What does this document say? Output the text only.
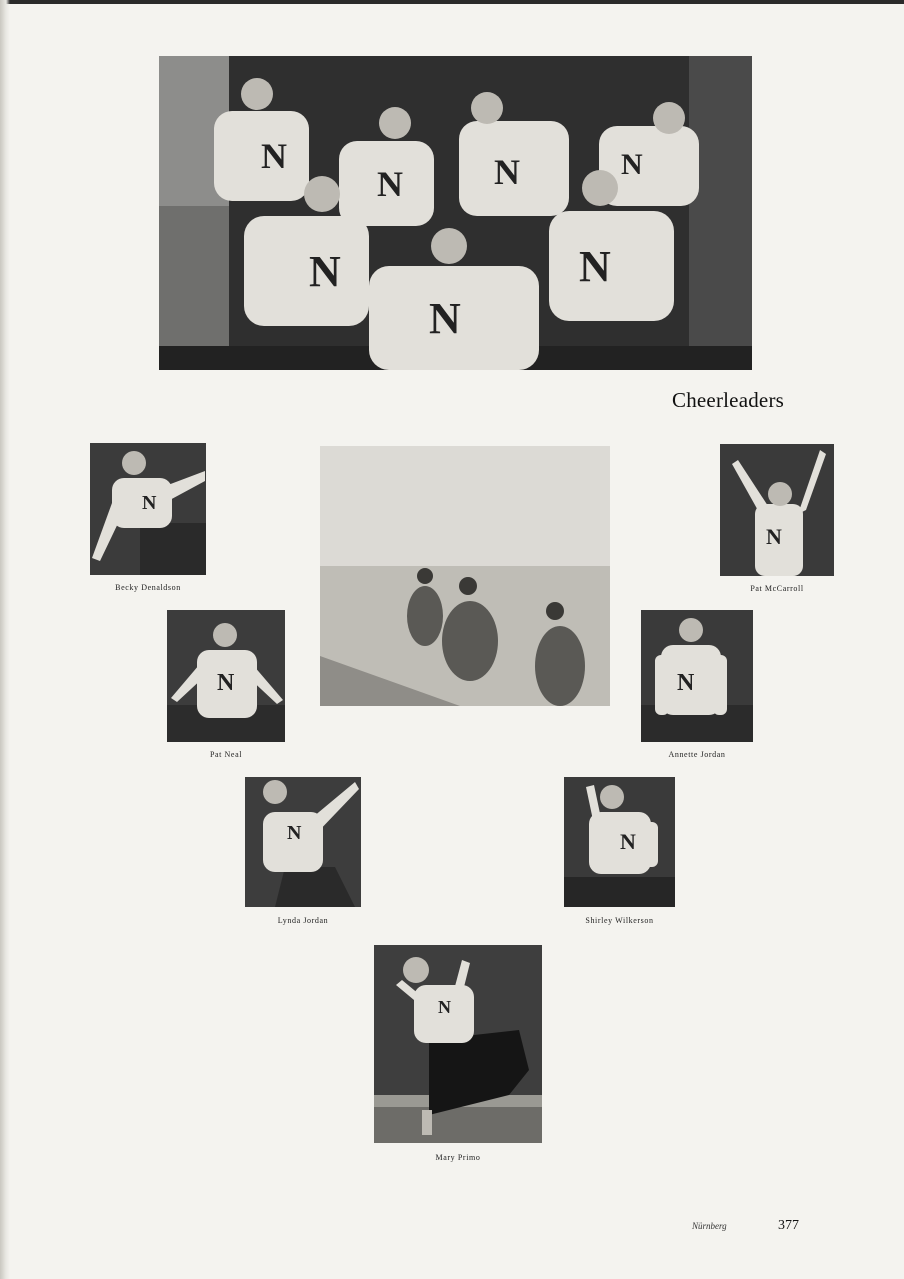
N
N	N	N
N
N
N
Cheerleaders
N
Becky Denaldson
N
Pat McCarroll
N
Pat Neal
N
Annette Jordan
N
Lynda Jordan
N
Shirley Wilkerson
N
Mary Primo
Nürnberg	377
